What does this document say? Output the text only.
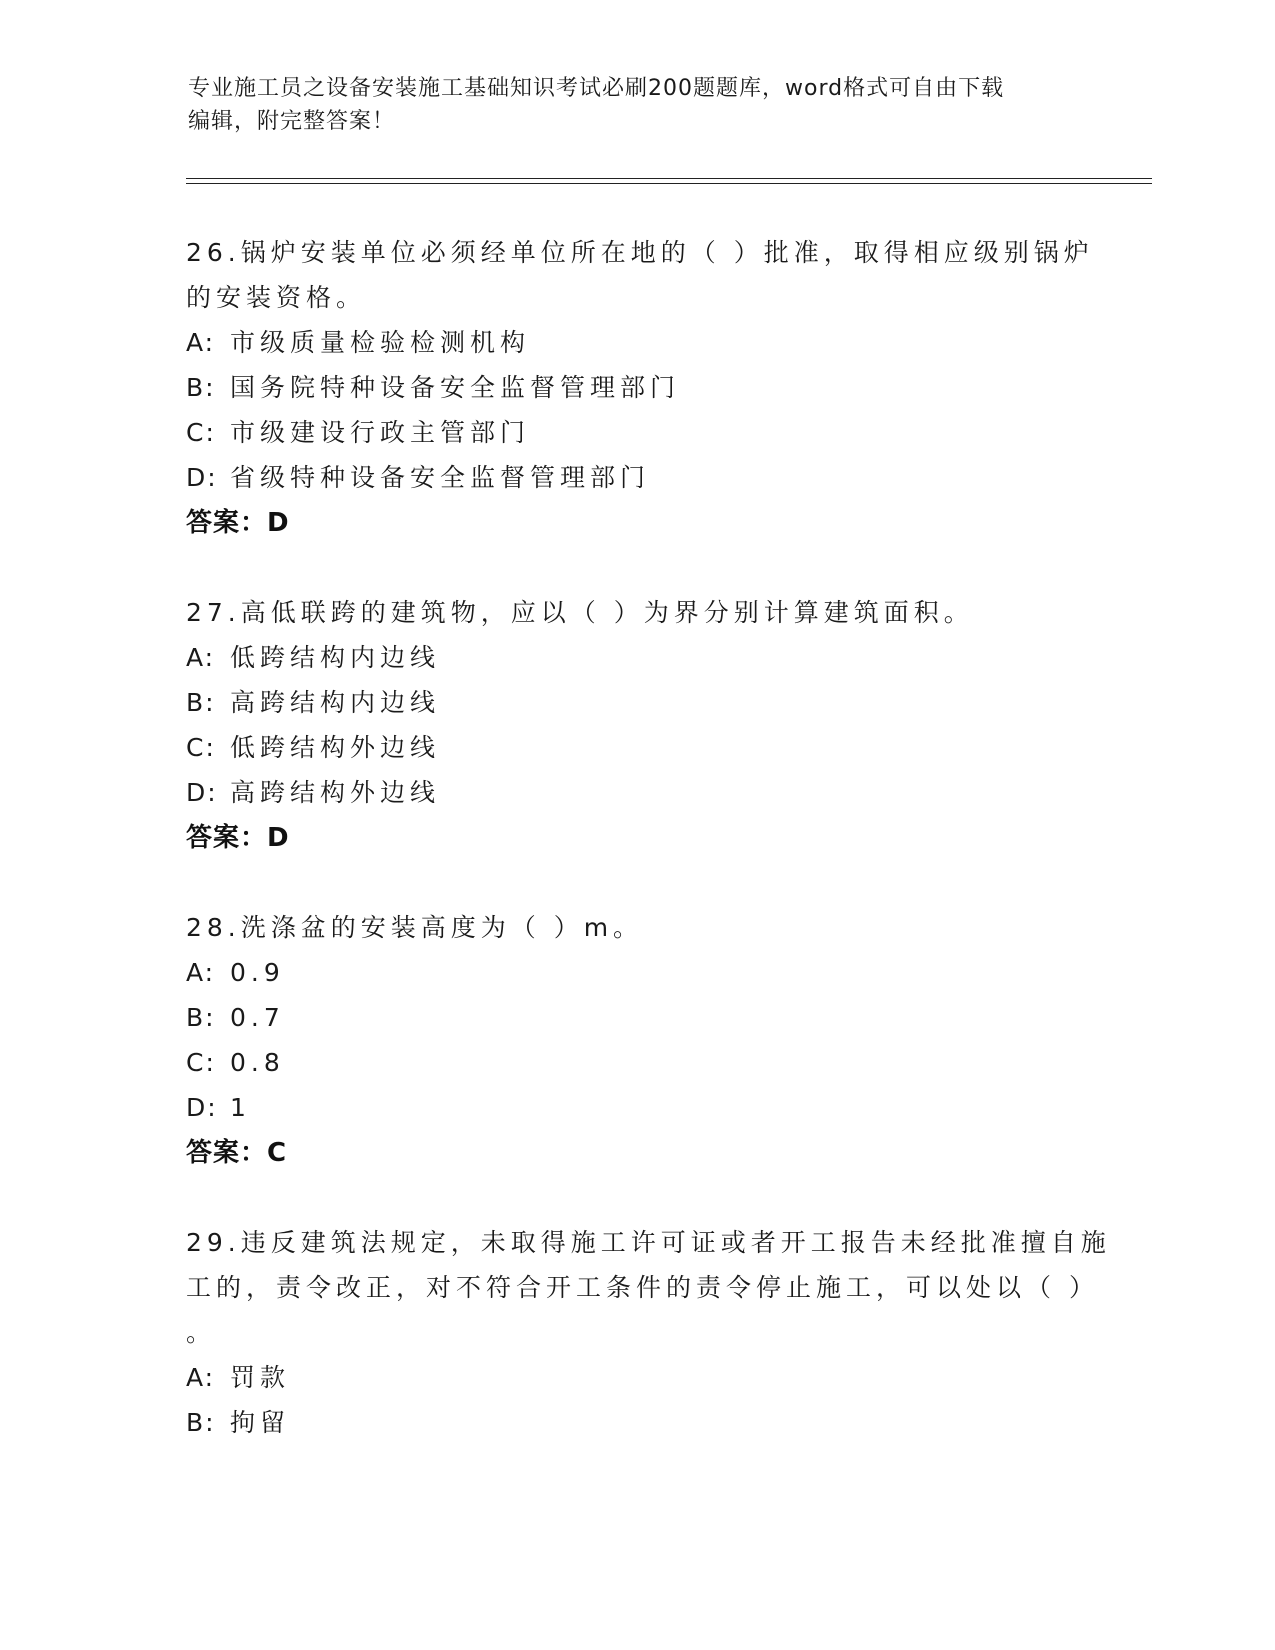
专业施工员之设备安装施工基础知识考试必刷200题题库，word格式可自由下载
编辑，附完整答案！
26.锅炉安装单位必须经单位所在地的（ ）批准，取得相应级别锅炉
的安装资格。
A: 市级质量检验检测机构
B: 国务院特种设备安全监督管理部门
C: 市级建设行政主管部门
D: 省级特种设备安全监督管理部门
答案：D
27.高低联跨的建筑物，应以（ ）为界分别计算建筑面积。
A: 低跨结构内边线
B: 高跨结构内边线
C: 低跨结构外边线
D: 高跨结构外边线
答案：D
28.洗涤盆的安装高度为（ ）m。
A: 0.9
B: 0.7
C: 0.8
D: 1
答案：C
29.违反建筑法规定，未取得施工许可证或者开工报告未经批准擅自施
工的，责令改正，对不符合开工条件的责令停止施工，可以处以（ ）
。
A: 罚款
B: 拘留
